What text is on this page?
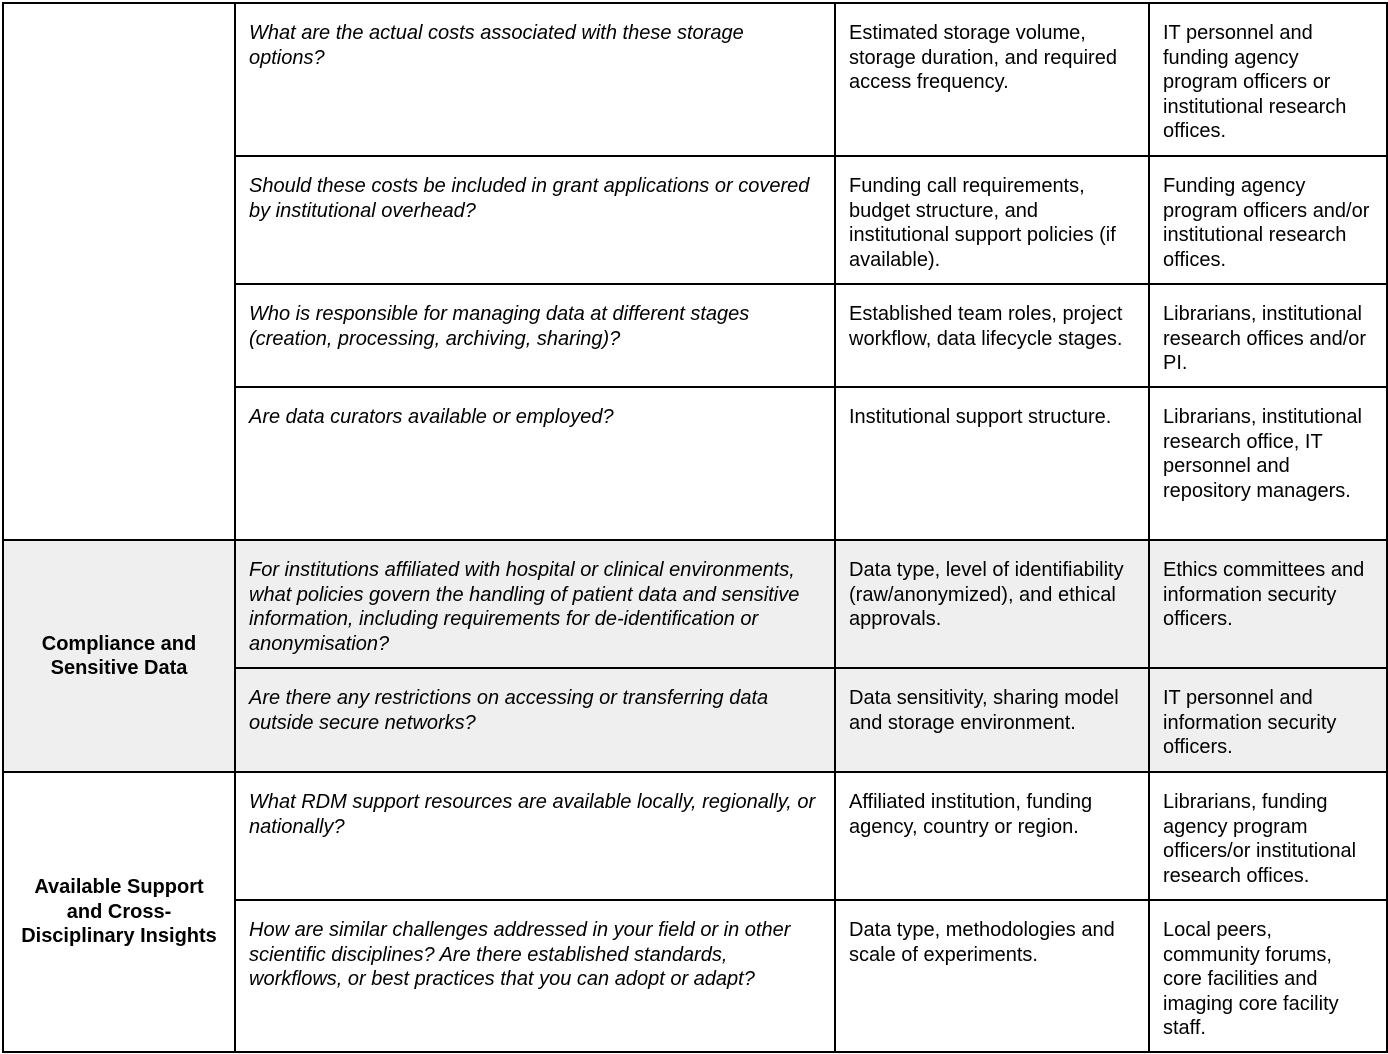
	What are the actual costs associated with these storage options?	Estimated storage volume, storage duration, and required access frequency.	IT personnel and funding agency program officers or institutional research offices.
	Should these costs be included in grant applications or covered by institutional overhead?	Funding call requirements, budget structure, and institutional support policies (if available).	Funding agency program officers and/or institutional research offices.
	Who is responsible for managing data at different stages (creation, processing, archiving, sharing)?	Established team roles, project workflow, data lifecycle stages.	Librarians, institutional research offices and/or PI.
	Are data curators available or employed?	Institutional support structure.	Librarians, institutional research office, IT personnel and repository managers.
Compliance and Sensitive Data	For institutions affiliated with hospital or clinical environments, what policies govern the handling of patient data and sensitive information, including requirements for de-identification or anonymisation?	Data type, level of identifiability (raw/anonymized), and ethical approvals.	Ethics committees and information security officers.
	Are there any restrictions on accessing or transferring data outside secure networks?	Data sensitivity, sharing model and storage environment.	IT personnel and information security officers.
Available Support and Cross-Disciplinary Insights	What RDM support resources are available locally, regionally, or nationally?	Affiliated institution, funding agency, country or region.	Librarians, funding agency program officers/or institutional research offices.
	How are similar challenges addressed in your field or in other scientific disciplines? Are there established standards, workflows, or best practices that you can adopt or adapt?	Data type, methodologies and scale of experiments.	Local peers, community forums, core facilities and imaging core facility staff.
